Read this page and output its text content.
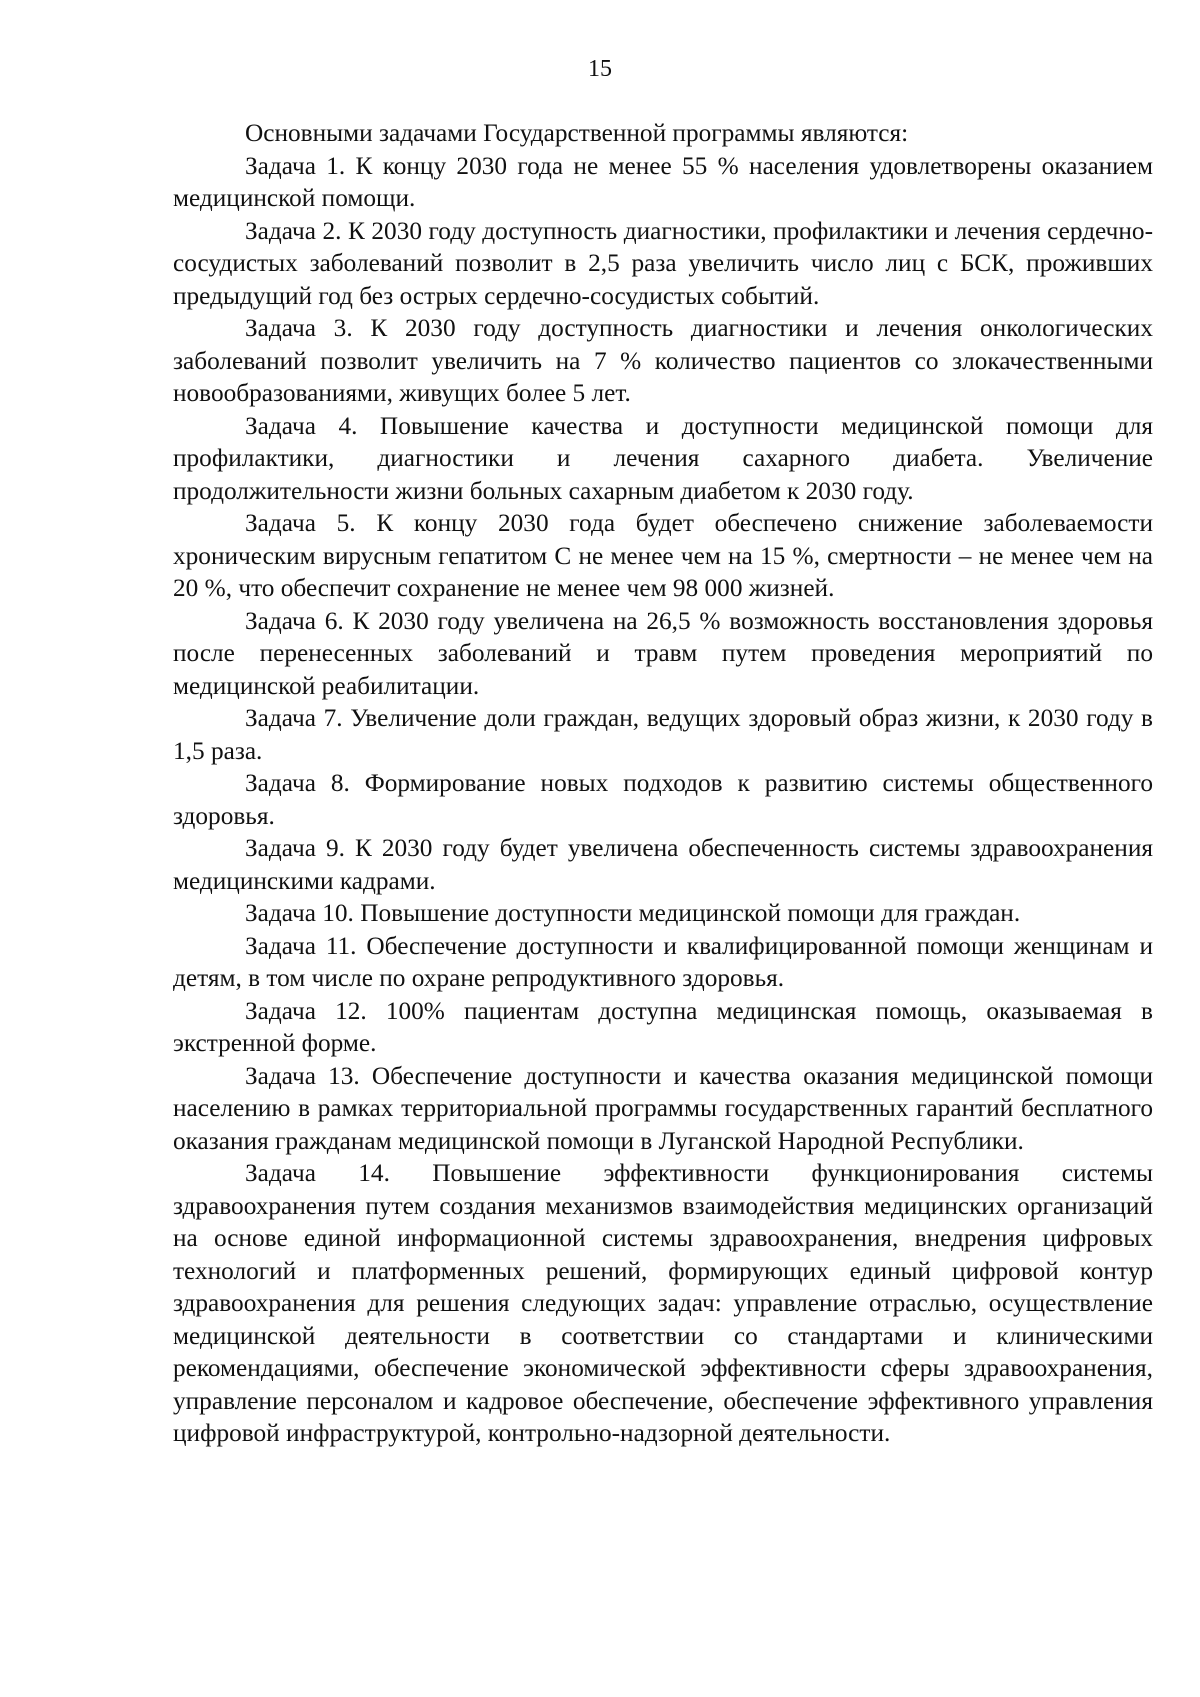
15

Основными задачами Государственной программы являются:

Задача 1. К концу 2030 года не менее 55 % населения удовлетворены оказанием медицинской помощи.

Задача 2. К 2030 году доступность диагностики, профилактики и лечения сердечно-сосудистых заболеваний позволит в 2,5 раза увеличить число лиц с БСК, проживших предыдущий год без острых сердечно-сосудистых событий.

Задача 3. К 2030 году доступность диагностики и лечения онкологических заболеваний позволит увеличить на 7 % количество пациентов со злокачественными новообразованиями, живущих более 5 лет.

Задача 4. Повышение качества и доступности медицинской помощи для профилактики, диагностики и лечения сахарного диабета. Увеличение продолжительности жизни больных сахарным диабетом к 2030 году.

Задача 5. К концу 2030 года будет обеспечено снижение заболеваемости хроническим вирусным гепатитом С не менее чем на 15 %, смертности – не менее чем на 20 %, что обеспечит сохранение не менее чем 98 000 жизней.

Задача 6. К 2030 году увеличена на 26,5 % возможность восстановления здоровья после перенесенных заболеваний и травм путем проведения мероприятий по медицинской реабилитации.

Задача 7. Увеличение доли граждан, ведущих здоровый образ жизни, к 2030 году в 1,5 раза.

Задача 8. Формирование новых подходов к развитию системы общественного здоровья.

Задача 9. К 2030 году будет увеличена обеспеченность системы здравоохранения медицинскими кадрами.

Задача 10. Повышение доступности медицинской помощи для граждан.

Задача 11. Обеспечение доступности и квалифицированной помощи женщинам и детям, в том числе по охране репродуктивного здоровья.

Задача 12. 100% пациентам доступна медицинская помощь, оказываемая в экстренной форме.

Задача 13. Обеспечение доступности и качества оказания медицинской помощи населению в рамках территориальной программы государственных гарантий бесплатного оказания гражданам медицинской помощи в Луганской Народной Республики.

Задача 14. Повышение эффективности функционирования системы здравоохранения путем создания механизмов взаимодействия медицинских организаций на основе единой информационной системы здравоохранения, внедрения цифровых технологий и платформенных решений, формирующих единый цифровой контур здравоохранения для решения следующих задач: управление отраслью, осуществление медицинской деятельности в соответствии со стандартами и клиническими рекомендациями, обеспечение экономической эффективности сферы здравоохранения, управление персоналом и кадровое обеспечение, обеспечение эффективного управления цифровой инфраструктурой, контрольно-надзорной деятельности.
